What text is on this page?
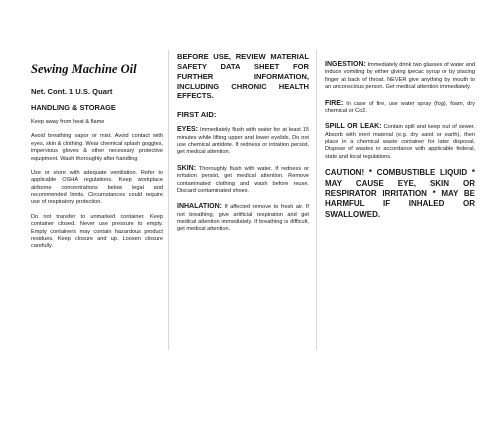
Sewing Machine Oil
Net. Cont. 1 U.S. Quart
HANDLING & STORAGE

Keep away from heat & flame

Avoid breathing vapor or mist. Avoid contact with eyes, skin & clothing. Wear chemical splash goggles, impervious gloves & other necessary protective equipment. Wash thoroughly after handling

Use or store with adequate ventilation. Refer to applicable OSHA regulations. Keep workplace airborne concentrations below legal and recommended limits. Circumstances could require use of respiratory protection.

Do not transfer to unmarked container. Keep container closed. Never use pressure to empty. Empty containers may contain hazardous product residues. Keep closure and up. Loosen closure carefully.

BEFORE USE, REVIEW MATERIAL SAFETY DATA SHEET FOR FURTHER INFORMATION, INCLUDING CHRONIC HEALTH EFFECTS.
FIRST AID:

EYES: Immediately flush with water for at least 15 minutes while lifting upper and lower eyelids. Do not use chemical antidote. If redness or irritation persist, get medical attention.

SKIN: Thoroughly flush with water. If redness or irritation persist, get medical attention. Remove contaminated clothing and wash before reuse. Discard contaminated shoes.

INHALATION: If affected remove to fresh air. If not breathing, give artificial respiration and get medical attention immediately. If breathing is difficult, get medical attention.

INGESTION: Immediately drink two glasses of water and induce vomiting by either giving ipecac syrup or by placing finger at back of throat. NEVER give anything by mouth to an unconscious person. Get medical attention immediately.

FIRE: In case of fire, use water spray (fog), foam, dry chemical or Co2.

SPILL OR LEAK: Contain spill and keep out of sewer. Absorb with inert material (e.g. dry sand or earth), then place in a chemical waste container for later disposal. Dispose of wastes in accordance with applicable federal, state and local regulations.

CAUTION! * COMBUSTIBLE LIQUID * MAY CAUSE EYE, SKIN OR RESPIRATOR IRRITATION * MAY BE HARMFUL IF INHALED OR SWALLOWED.
